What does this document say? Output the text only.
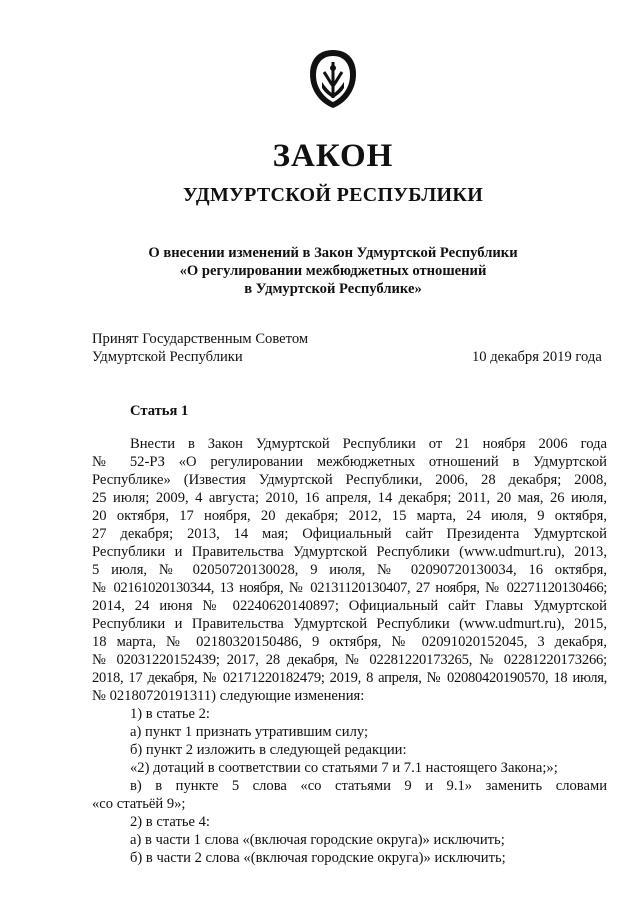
ЗАКОН
УДМУРТСКОЙ РЕСПУБЛИКИ
О внесении изменений в Закон Удмуртской Республики
«О регулировании межбюджетных отношений
в Удмуртской Республике»
Принят Государственным Советом
Удмуртской Республики	10 декабря 2019 года
Статья 1

Внести в Закон Удмуртской Республики от 21 ноября 2006 года

№ 52-РЗ «О регулировании межбюджетных отношений в Удмуртской

Республике» (Известия Удмуртской Республики, 2006, 28 декабря; 2008,

25 июля; 2009, 4 августа; 2010, 16 апреля, 14 декабря; 2011, 20 мая, 26 июля,

20 октября, 17 ноября, 20 декабря; 2012, 15 марта, 24 июля, 9 октября,

27 декабря; 2013, 14 мая; Официальный сайт Президента Удмуртской

Республики и Правительства Удмуртской Республики (www.udmurt.ru), 2013,

5 июля, № 02050720130028, 9 июля, № 02090720130034, 16 октября,

№ 02161020130344, 13 ноября, № 02131120130407, 27 ноября, № 02271120130466;

2014, 24 июня № 02240620140897; Официальный сайт Главы Удмуртской

Республики и Правительства Удмуртской Республики (www.udmurt.ru), 2015,

18 марта, № 02180320150486, 9 октября, № 02091020152045, 3 декабря,

№ 02031220152439; 2017, 28 декабря, № 02281220173265, № 02281220173266;

2018, 17 декабря, № 02171220182479; 2019, 8 апреля, № 02080420190570, 18 июля,

№ 02180720191311) следующие изменения:

1) в статье 2:

а) пункт 1 признать утратившим силу;

б) пункт 2 изложить в следующей редакции:

«2) дотаций в соответствии со статьями 7 и 7.1 настоящего Закона;»;

в) в пункте 5 слова «со статьями 9 и 9.1» заменить словами

«со статьёй 9»;

2) в статье 4:

а) в части 1 слова «(включая городские округа)» исключить;

б) в части 2 слова «(включая городские округа)» исключить;
